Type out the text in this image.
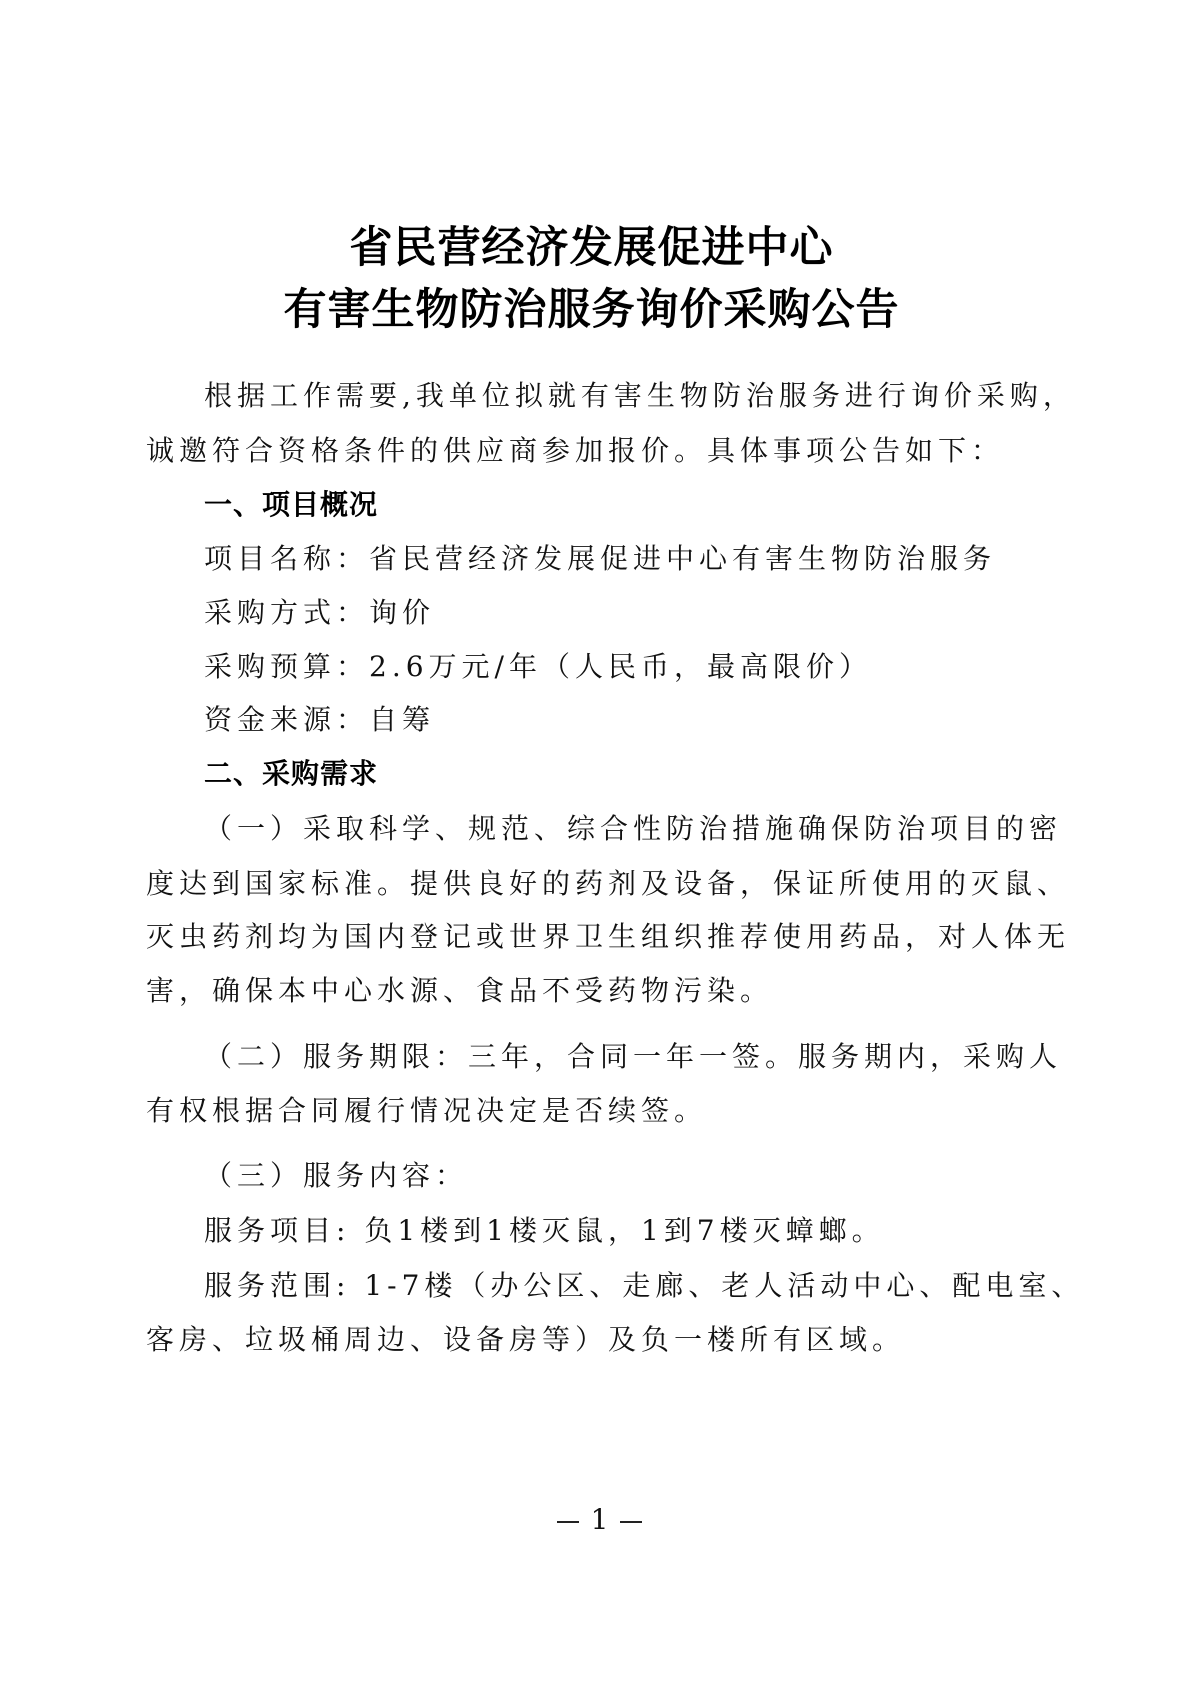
省民营经济发展促进中心
有害生物防治服务询价采购公告
根据工作需要,我单位拟就有害生物防治服务进行询价采购，
诚邀符合资格条件的供应商参加报价。具体事项公告如下：
一、项目概况
项目名称：省民营经济发展促进中心有害生物防治服务
采购方式：询价
采购预算：2.6万元/年（人民币，最高限价）
资金来源：自筹
二、采购需求
（一）采取科学、规范、综合性防治措施确保防治项目的密
度达到国家标准。提供良好的药剂及设备，保证所使用的灭鼠、
灭虫药剂均为国内登记或世界卫生组织推荐使用药品，对人体无
害，确保本中心水源、食品不受药物污染。
（二）服务期限：三年，合同一年一签。服务期内，采购人
有权根据合同履行情况决定是否续签。
（三）服务内容：
服务项目: 负1楼到1楼灭鼠，1到7楼灭蟑螂。
服务范围: 1-7楼（办公区、走廊、老人活动中心、配电室、
客房、垃圾桶周边、设备房等）及负一楼所有区域。
1
